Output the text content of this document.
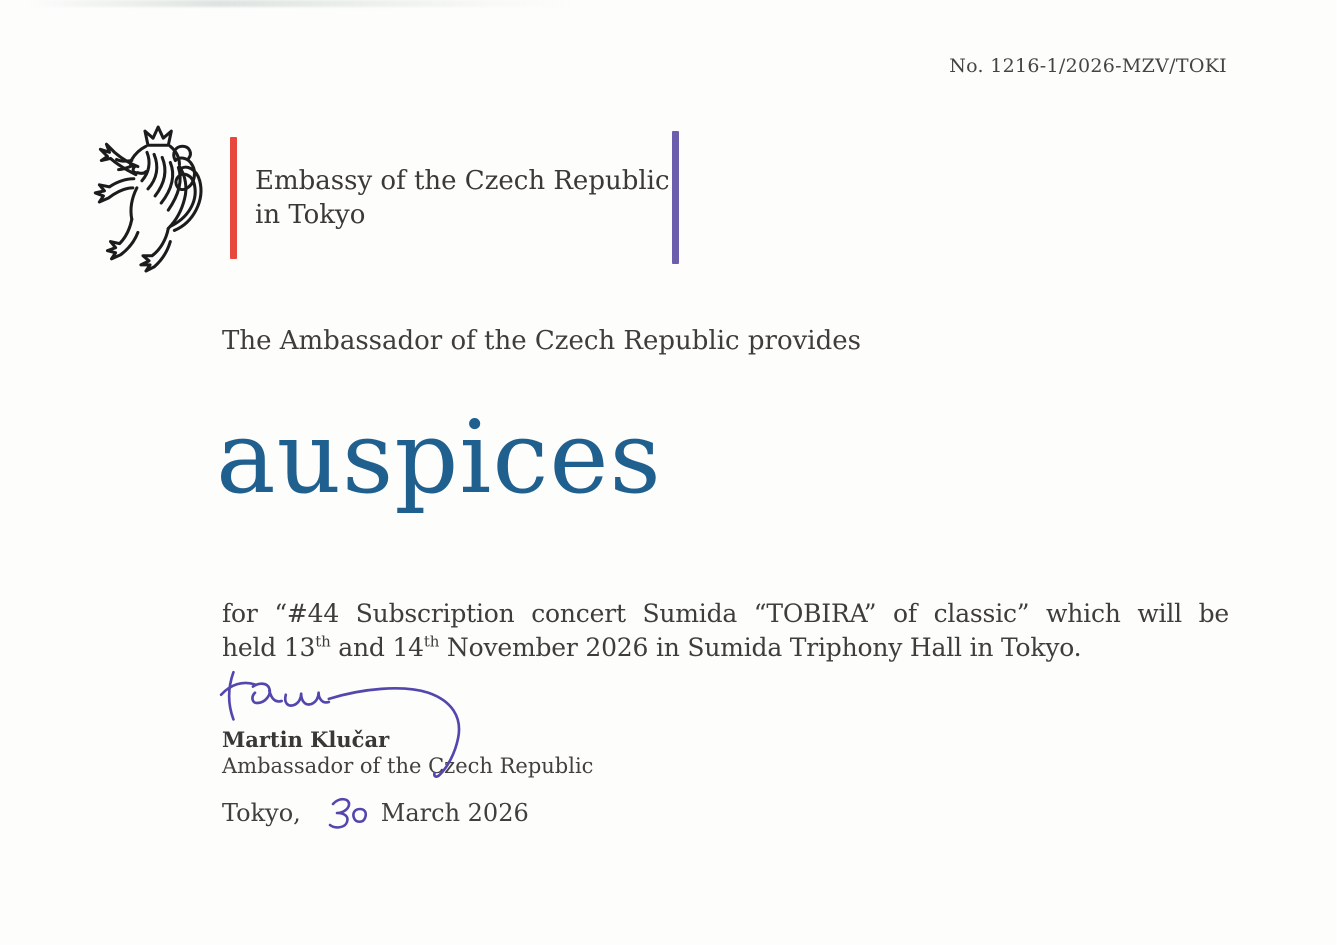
No. 1216-1/2026-MZV/TOKI
Embassy of the Czech Republic
in Tokyo
The Ambassador of the Czech Republic provides
auspices
for “#44 Subscription concert Sumida “TOBIRA” of classic” which will be
held 13th and 14th November 2026 in Sumida Triphony Hall in Tokyo.
Martin Klučar
Ambassador of the Czech Republic
Tokyo,	March 2026
